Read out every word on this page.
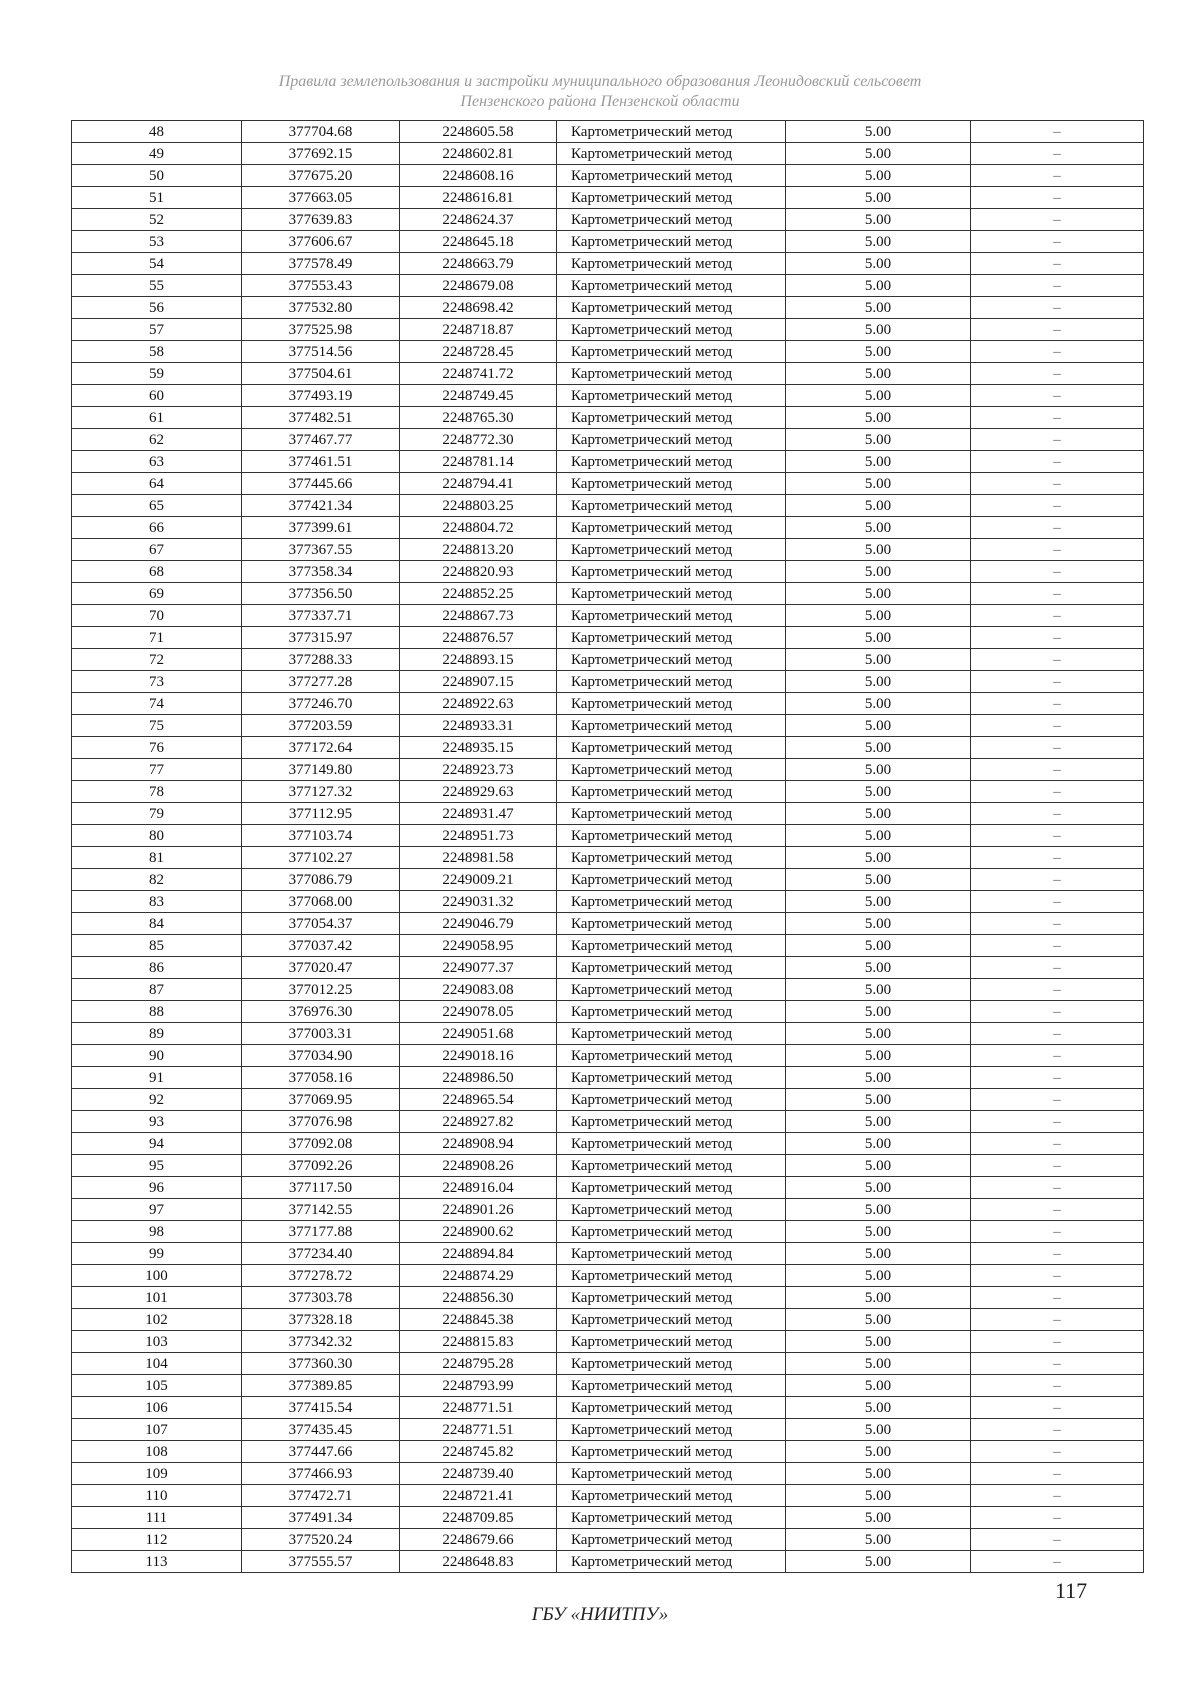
Правила землепользования и застройки муниципального образования Леонидовский сельсовет
Пензенского района Пензенской области
48	377704.68	2248605.58	Картометрический метод	5.00	–
49	377692.15	2248602.81	Картометрический метод	5.00	–
50	377675.20	2248608.16	Картометрический метод	5.00	–
51	377663.05	2248616.81	Картометрический метод	5.00	–
52	377639.83	2248624.37	Картометрический метод	5.00	–
53	377606.67	2248645.18	Картометрический метод	5.00	–
54	377578.49	2248663.79	Картометрический метод	5.00	–
55	377553.43	2248679.08	Картометрический метод	5.00	–
56	377532.80	2248698.42	Картометрический метод	5.00	–
57	377525.98	2248718.87	Картометрический метод	5.00	–
58	377514.56	2248728.45	Картометрический метод	5.00	–
59	377504.61	2248741.72	Картометрический метод	5.00	–
60	377493.19	2248749.45	Картометрический метод	5.00	–
61	377482.51	2248765.30	Картометрический метод	5.00	–
62	377467.77	2248772.30	Картометрический метод	5.00	–
63	377461.51	2248781.14	Картометрический метод	5.00	–
64	377445.66	2248794.41	Картометрический метод	5.00	–
65	377421.34	2248803.25	Картометрический метод	5.00	–
66	377399.61	2248804.72	Картометрический метод	5.00	–
67	377367.55	2248813.20	Картометрический метод	5.00	–
68	377358.34	2248820.93	Картометрический метод	5.00	–
69	377356.50	2248852.25	Картометрический метод	5.00	–
70	377337.71	2248867.73	Картометрический метод	5.00	–
71	377315.97	2248876.57	Картометрический метод	5.00	–
72	377288.33	2248893.15	Картометрический метод	5.00	–
73	377277.28	2248907.15	Картометрический метод	5.00	–
74	377246.70	2248922.63	Картометрический метод	5.00	–
75	377203.59	2248933.31	Картометрический метод	5.00	–
76	377172.64	2248935.15	Картометрический метод	5.00	–
77	377149.80	2248923.73	Картометрический метод	5.00	–
78	377127.32	2248929.63	Картометрический метод	5.00	–
79	377112.95	2248931.47	Картометрический метод	5.00	–
80	377103.74	2248951.73	Картометрический метод	5.00	–
81	377102.27	2248981.58	Картометрический метод	5.00	–
82	377086.79	2249009.21	Картометрический метод	5.00	–
83	377068.00	2249031.32	Картометрический метод	5.00	–
84	377054.37	2249046.79	Картометрический метод	5.00	–
85	377037.42	2249058.95	Картометрический метод	5.00	–
86	377020.47	2249077.37	Картометрический метод	5.00	–
87	377012.25	2249083.08	Картометрический метод	5.00	–
88	376976.30	2249078.05	Картометрический метод	5.00	–
89	377003.31	2249051.68	Картометрический метод	5.00	–
90	377034.90	2249018.16	Картометрический метод	5.00	–
91	377058.16	2248986.50	Картометрический метод	5.00	–
92	377069.95	2248965.54	Картометрический метод	5.00	–
93	377076.98	2248927.82	Картометрический метод	5.00	–
94	377092.08	2248908.94	Картометрический метод	5.00	–
95	377092.26	2248908.26	Картометрический метод	5.00	–
96	377117.50	2248916.04	Картометрический метод	5.00	–
97	377142.55	2248901.26	Картометрический метод	5.00	–
98	377177.88	2248900.62	Картометрический метод	5.00	–
99	377234.40	2248894.84	Картометрический метод	5.00	–
100	377278.72	2248874.29	Картометрический метод	5.00	–
101	377303.78	2248856.30	Картометрический метод	5.00	–
102	377328.18	2248845.38	Картометрический метод	5.00	–
103	377342.32	2248815.83	Картометрический метод	5.00	–
104	377360.30	2248795.28	Картометрический метод	5.00	–
105	377389.85	2248793.99	Картометрический метод	5.00	–
106	377415.54	2248771.51	Картометрический метод	5.00	–
107	377435.45	2248771.51	Картометрический метод	5.00	–
108	377447.66	2248745.82	Картометрический метод	5.00	–
109	377466.93	2248739.40	Картометрический метод	5.00	–
110	377472.71	2248721.41	Картометрический метод	5.00	–
111	377491.34	2248709.85	Картометрический метод	5.00	–
112	377520.24	2248679.66	Картометрический метод	5.00	–
113	377555.57	2248648.83	Картометрический метод	5.00	–
117
ГБУ «НИИТПУ»
